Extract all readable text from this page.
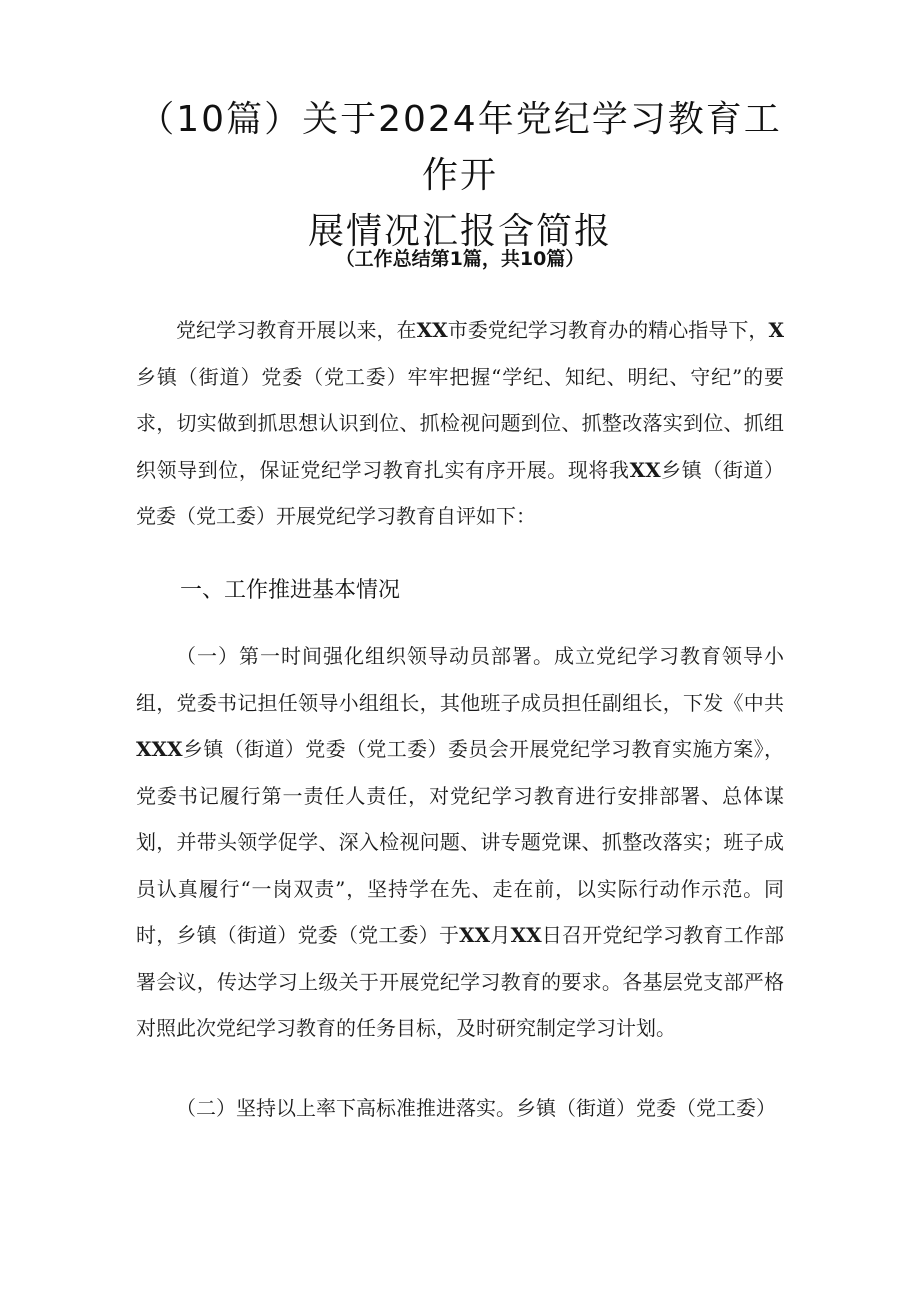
（10篇）关于2024年党纪学习教育工作开
展情况汇报含简报

（工作总结第1篇，共10篇）

党纪学习教育开展以来，在XX市委党纪学习教育办的精心指导下，X乡镇（街道）党委（党工委）牢牢把握“学纪、知纪、明纪、守纪”的要求，切实做到抓思想认识到位、抓检视问题到位、抓整改落实到位、抓组织领导到位，保证党纪学习教育扎实有序开展。现将我XX乡镇（街道）党委（党工委）开展党纪学习教育自评如下：

一、工作推进基本情况

（一）第一时间强化组织领导动员部署。成立党纪学习教育领导小组，党委书记担任领导小组组长，其他班子成员担任副组长，下发《中共XXX乡镇（街道）党委（党工委）委员会开展党纪学习教育实施方案》，党委书记履行第一责任人责任，对党纪学习教育进行安排部署、总体谋划，并带头领学促学、深入检视问题、讲专题党课、抓整改落实；班子成员认真履行“一岗双责”，坚持学在先、走在前，以实际行动作示范。同时，乡镇（街道）党委（党工委）于XX月XX日召开党纪学习教育工作部署会议，传达学习上级关于开展党纪学习教育的要求。各基层党支部严格对照此次党纪学习教育的任务目标，及时研究制定学习计划。

（二）坚持以上率下高标准推进落实。乡镇（街道）党委（党工委）
